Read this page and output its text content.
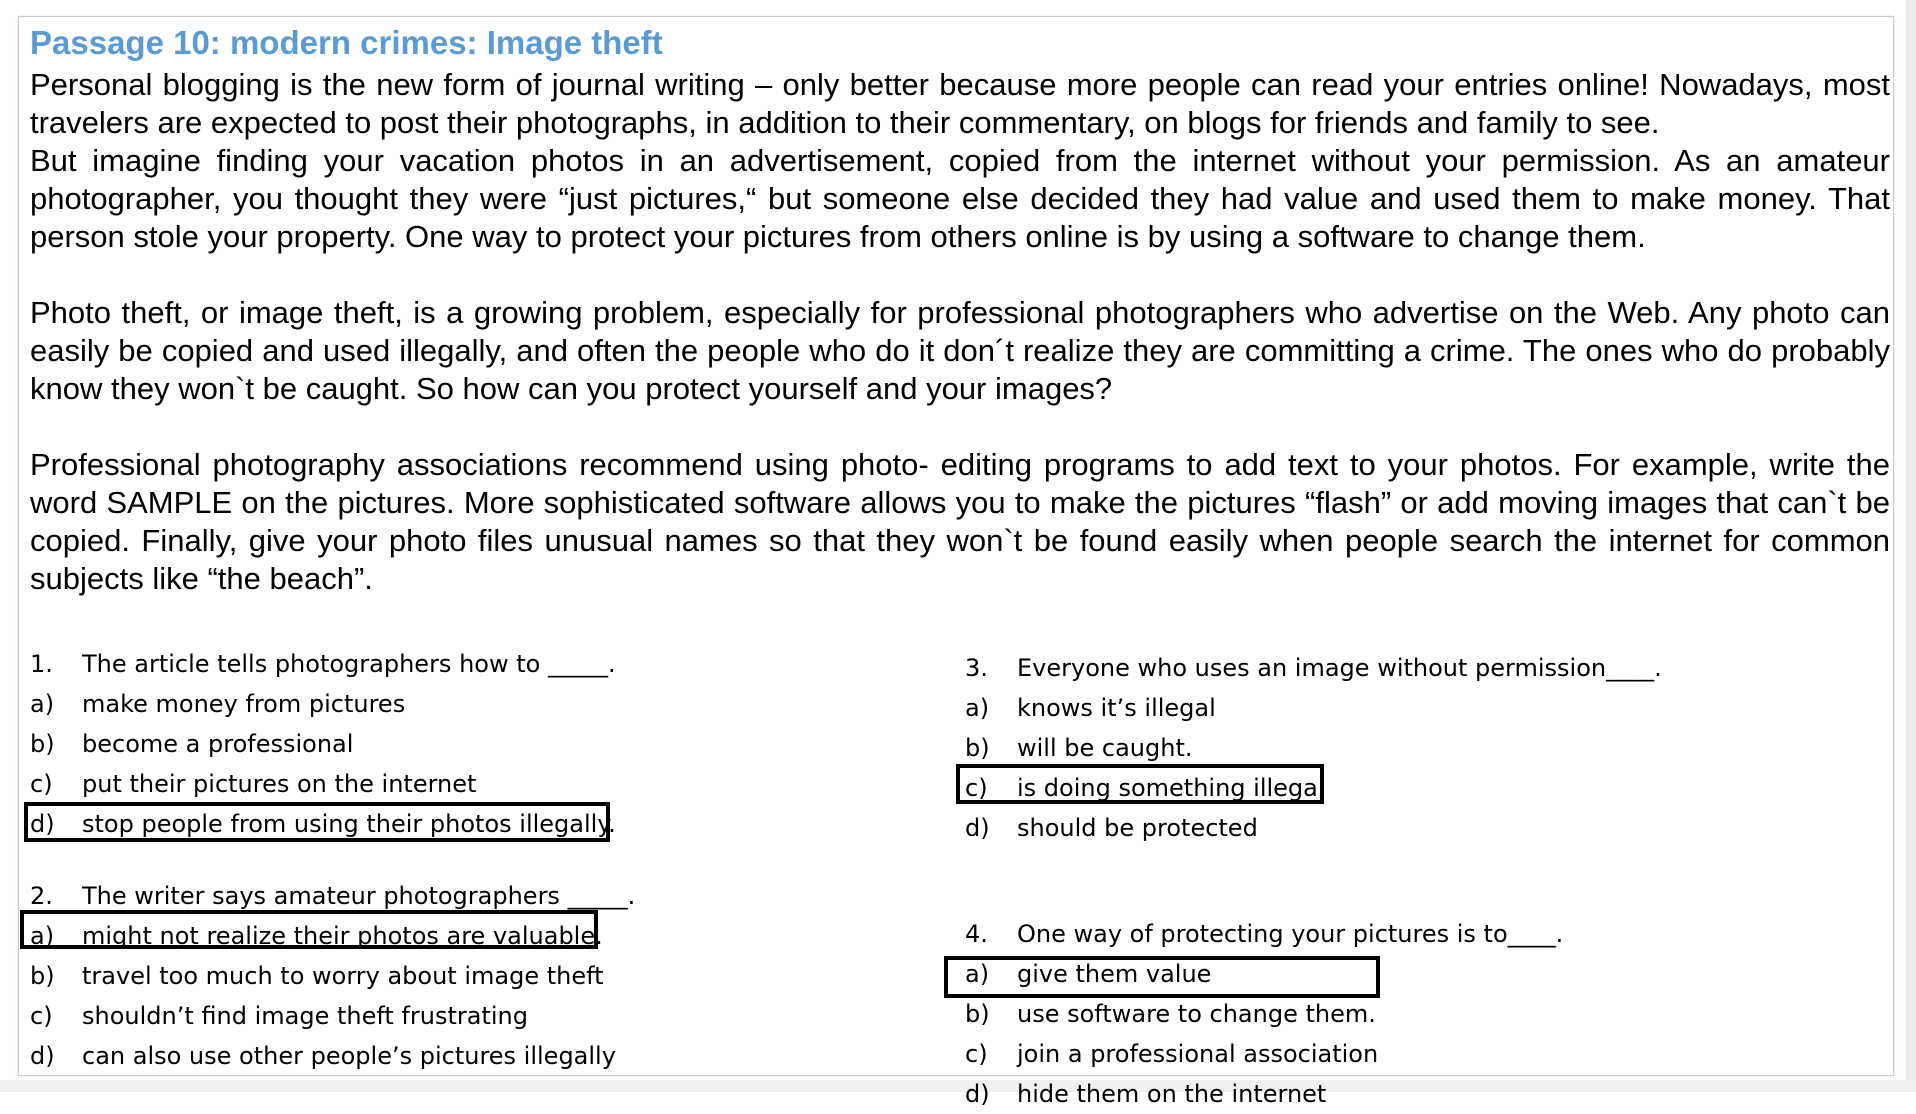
Passage 10: modern crimes: Image theft

Personal blogging is the new form of journal writing – only better because more people can read your entries online! Nowadays, most travelers are expected to post their photographs, in addition to their commentary, on blogs for friends and family to see.

But imagine finding your vacation photos in an advertisement, copied from the internet without your permission. As an amateur photographer, you thought they were “just pictures,“ but someone else decided they had value and used them to make money. That person stole your property. One way to protect your pictures from others online is by using a software to change them.

Photo theft, or image theft, is a growing problem, especially for professional photographers who advertise on the Web. Any photo can easily be copied and used illegally, and often the people who do it don´t realize they are committing a crime. The ones who do probably know they won`t be caught. So how can you protect yourself and your images?

Professional photography associations recommend using photo- editing programs to add text to your photos. For example, write the word SAMPLE on the pictures. More sophisticated software allows you to make the pictures “flash” or add moving images that can`t be copied. Finally, give your photo files unusual names so that they won`t be found easily when people search the internet for common subjects like “the beach”.

1. The article tells photographers how to _____.
a) make money from pictures
b) become a professional
c) put their pictures on the internet
d) stop people from using their photos illegally.
2. The writer says amateur photographers _____.
a) might not realize their photos are valuable.
b) travel too much to worry about image theft
c) shouldn’t find image theft frustrating
d) can also use other people’s pictures illegally
3. Everyone who uses an image without permission____.
a) knows it’s illegal
b) will be caught.
c) is doing something illegal
d) should be protected
4. One way of protecting your pictures is to____.
a) give them value
b) use software to change them.
c) join a professional association
d) hide them on the internet
